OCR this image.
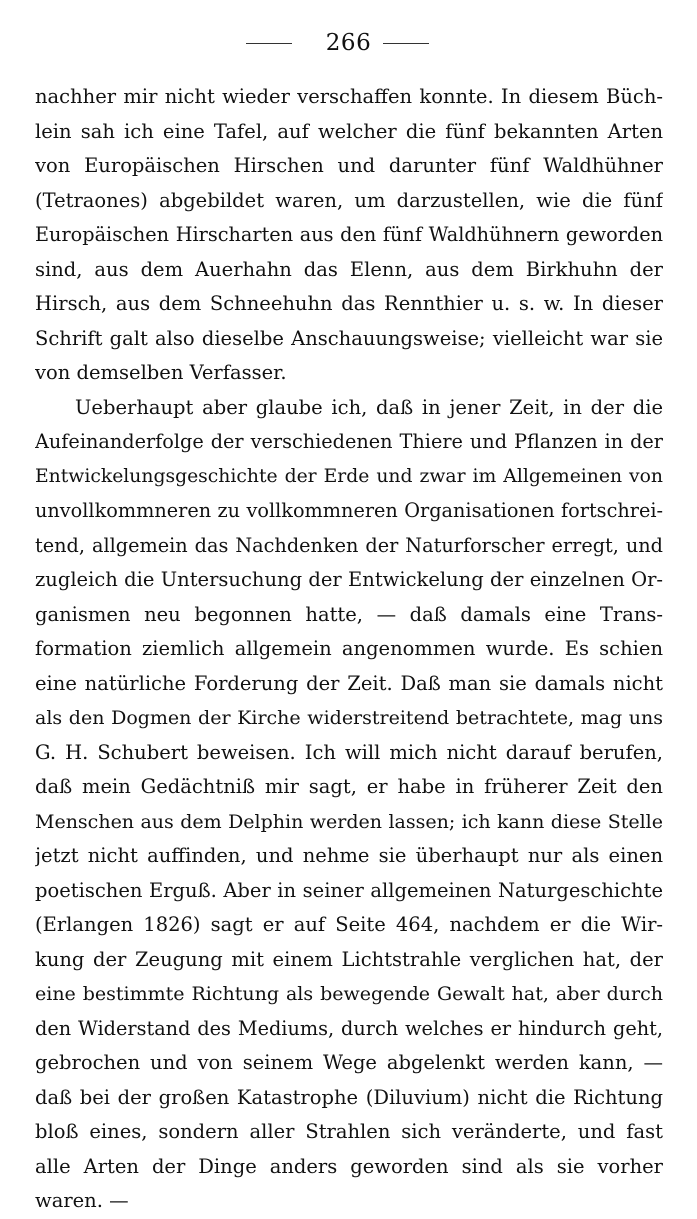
266
nachher mir nicht wieder verschaffen konnte. In diesem Büch-
lein sah ich eine Tafel, auf welcher die fünf bekannten Arten
von Europäischen Hirschen und darunter fünf Waldhühner
(Tetraones) abgebildet waren, um darzustellen, wie die fünf
Europäischen Hirscharten aus den fünf Waldhühnern geworden
sind, aus dem Auerhahn das Elenn, aus dem Birkhuhn der
Hirsch, aus dem Schneehuhn das Rennthier u. s. w. In dieser
Schrift galt also dieselbe Anschauungsweise; vielleicht war sie
von demselben Verfasser.
Ueberhaupt aber glaube ich, daß in jener Zeit, in der die
Aufeinanderfolge der verschiedenen Thiere und Pflanzen in der
Entwickelungsgeschichte der Erde und zwar im Allgemeinen von
unvollkommneren zu vollkommneren Organisationen fortschrei-
tend, allgemein das Nachdenken der Naturforscher erregt, und
zugleich die Untersuchung der Entwickelung der einzelnen Or-
ganismen neu begonnen hatte, — daß damals eine Trans-
formation ziemlich allgemein angenommen wurde. Es schien
eine natürliche Forderung der Zeit. Daß man sie damals nicht
als den Dogmen der Kirche widerstreitend betrachtete, mag uns
G. H. Schubert beweisen. Ich will mich nicht darauf berufen,
daß mein Gedächtniß mir sagt, er habe in früherer Zeit den
Menschen aus dem Delphin werden lassen; ich kann diese Stelle
jetzt nicht auffinden, und nehme sie überhaupt nur als einen
poetischen Erguß. Aber in seiner allgemeinen Naturgeschichte
(Erlangen 1826) sagt er auf Seite 464, nachdem er die Wir-
kung der Zeugung mit einem Lichtstrahle verglichen hat, der
eine bestimmte Richtung als bewegende Gewalt hat, aber durch
den Widerstand des Mediums, durch welches er hindurch geht,
gebrochen und von seinem Wege abgelenkt werden kann, —
daß bei der großen Katastrophe (Diluvium) nicht die Richtung
bloß eines, sondern aller Strahlen sich veränderte, und fast
alle Arten der Dinge anders geworden sind als sie vorher
waren. —
